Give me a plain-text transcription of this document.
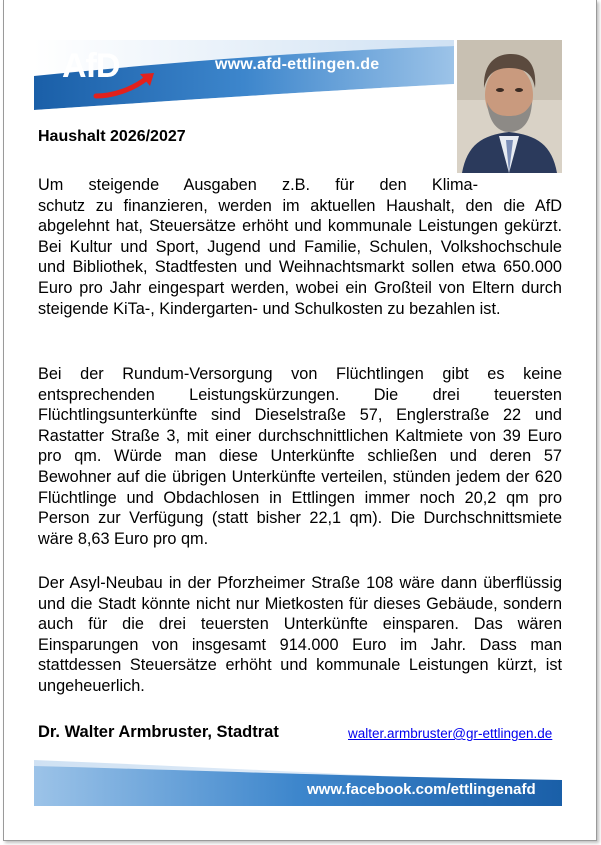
AfD	www.afd-ettlingen.de
Haushalt 2026/2027
Um steigende Ausgaben z.B. für den Klima-
schutz zu finanzieren, werden im aktuellen Haushalt, den die AfD abgelehnt hat, Steuersätze erhöht und kommunale Leistungen gekürzt. Bei Kultur und Sport, Jugend und Familie, Schulen, Volkshochschule und Bibliothek, Stadtfesten und Weihnachtsmarkt sollen etwa 650.000 Euro pro Jahr eingespart werden, wobei ein Großteil von Eltern durch steigende KiTa-, Kindergarten- und Schulkosten zu bezahlen ist.
Bei der Rundum-Versorgung von Flüchtlingen gibt es keine entsprechenden Leistungskürzungen. Die drei teuersten Flüchtlingsunterkünfte sind Dieselstraße 57, Englerstraße 22 und Rastatter Straße 3, mit einer durchschnittlichen Kaltmiete von 39 Euro pro qm. Würde man diese Unterkünfte schließen und deren 57 Bewohner auf die übrigen Unterkünfte verteilen, stünden jedem der 620 Flüchtlinge und Obdachlosen in Ettlingen immer noch 20,2 qm pro Person zur Verfügung (statt bisher 22,1 qm). Die Durchschnittsmiete wäre 8,63 Euro pro qm.
Der Asyl-Neubau in der Pforzheimer Straße 108 wäre dann überflüssig und die Stadt könnte nicht nur Mietkosten für dieses Gebäude, sondern auch für die drei teuersten Unterkünfte einsparen. Das wären Einsparungen von insgesamt 914.000 Euro im Jahr. Dass man stattdessen Steuersätze erhöht und kommunale Leistungen kürzt, ist ungeheuerlich.
Dr. Walter Armbruster, Stadtrat	walter.armbruster@gr-ettlingen.de
www.facebook.com/ettlingenafd
